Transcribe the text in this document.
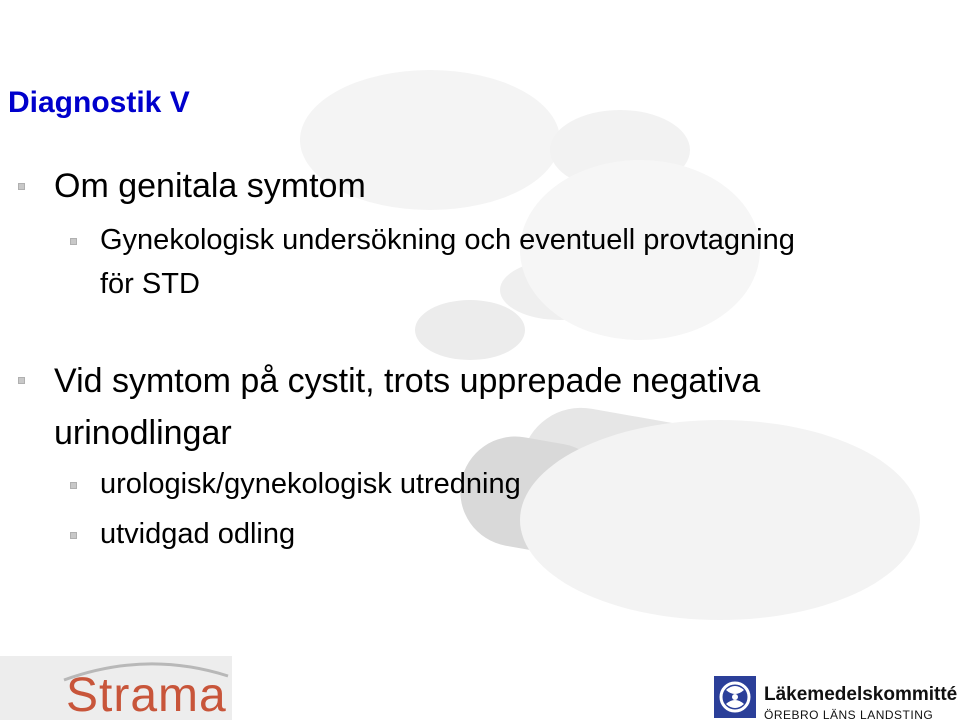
Diagnostik V
Om genitala symtom
Gynekologisk undersökning och eventuell provtagning
för STD
Vid symtom på cystit, trots upprepade negativa
urinodlingar
urologisk/gynekologisk utredning
utvidgad odling
Strama	Läkemedelskommitté
ÖREBRO LÄNS LANDSTING
